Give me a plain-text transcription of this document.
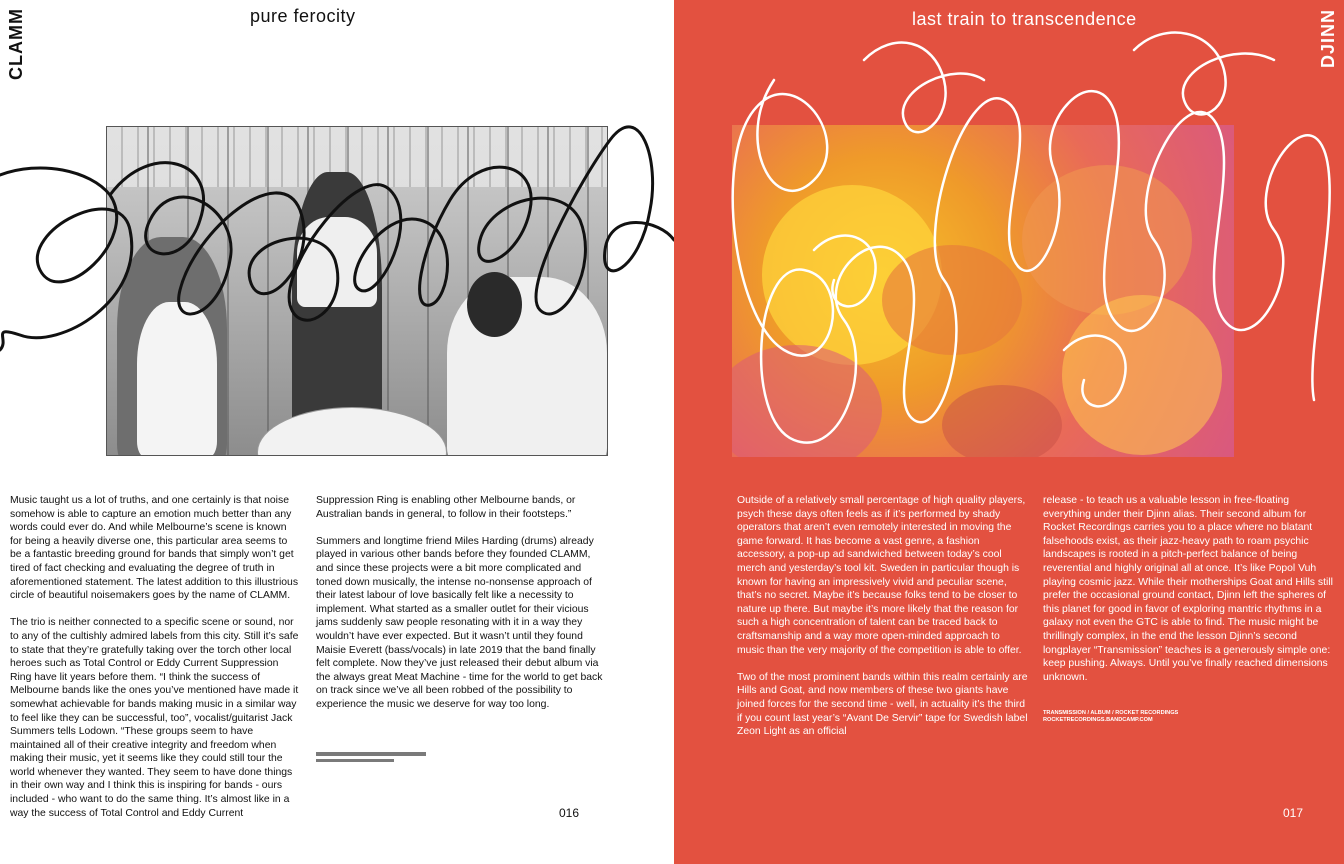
CLAMM	pure ferocity

Music taught us a lot of truths, and one certainly is that noise somehow is able to capture an emotion much better than any words could ever do. And while Melbourne’s scene is known for being a heavily diverse one, this particular area seems to be a fantastic breeding ground for bands that simply won’t get tired of fact checking and evaluating the degree of truth in aforementioned statement. The latest addition to this illustrious circle of beautiful noisemakers goes by the name of CLAMM.

The trio is neither connected to a specific scene or sound, nor to any of the cultishly admired labels from this city. Still it’s safe to state that they’re gratefully taking over the torch other local heroes such as Total Control or Eddy Current Suppression Ring have lit years before them. “I think the success of Melbourne bands like the ones you’ve mentioned have made it somewhat achievable for bands making music in a similar way to feel like they can be successful, too”, vocalist/guitarist Jack Summers tells Lodown. “These groups seem to have maintained all of their creative integrity and freedom when making their music, yet it seems like they could still tour the world whenever they wanted. They seem to have done things in their own way and I think this is inspiring for bands - ours included - who want to do the same thing. It’s almost like in a way the success of Total Control and Eddy Current

Suppression Ring is enabling other Melbourne bands, or Australian bands in general, to follow in their footsteps.”

Summers and longtime friend Miles Harding (drums) already played in various other bands before they founded CLAMM, and since these projects were a bit more complicated and toned down musically, the intense no-nonsense approach of their latest labour of love basically felt like a necessity to implement. What started as a smaller outlet for their vicious jams suddenly saw people resonating with it in a way they wouldn’t have ever expected. But it wasn’t until they found Maisie Everett (bass/vocals) in late 2019 that the band finally felt complete. Now they’ve just released their debut album via the always great Meat Machine - time for the world to get back on track since we’ve all been robbed of the possibility to experience the music we deserve for way too long.

016
DJINN
last train to transcendence

Outside of a relatively small percentage of high quality players, psych these days often feels as if it’s performed by shady operators that aren’t even remotely interested in moving the game forward. It has become a vast genre, a fashion accessory, a pop-up ad sandwiched between today’s cool merch and yesterday’s tool kit. Sweden in particular though is known for having an impressively vivid and peculiar scene, that’s no secret. Maybe it’s because folks tend to be closer to nature up there. But maybe it’s more likely that the reason for such a high concentration of talent can be traced back to craftsmanship and a way more open-minded approach to music than the very majority of the competition is able to offer.

Two of the most prominent bands within this realm certainly are Hills and Goat, and now members of these two giants have joined forces for the second time - well, in actuality it’s the third if you count last year’s “Avant De Servir” tape for Swedish label Zeon Light as an official

release - to teach us a valuable lesson in free-floating everything under their Djinn alias. Their second album for Rocket Recordings carries you to a place where no blatant falsehoods exist, as their jazz-heavy path to roam psychic landscapes is rooted in a pitch-perfect balance of being reverential and highly original all at once. It’s like Popol Vuh playing cosmic jazz. While their motherships Goat and Hills still prefer the occasional ground contact, Djinn left the spheres of this planet for good in favor of exploring mantric rhythms in a galaxy not even the GTC is able to find. The music might be thrillingly complex, in the end the lesson Djinn’s second longplayer “Transmission” teaches is a generously simple one: keep pushing. Always. Until you’ve finally reached dimensions unknown.

TRANSMISSION / ALBUM / ROCKET RECORDINGS
ROCKETRECORDINGS.BANDCAMP.COM
017
